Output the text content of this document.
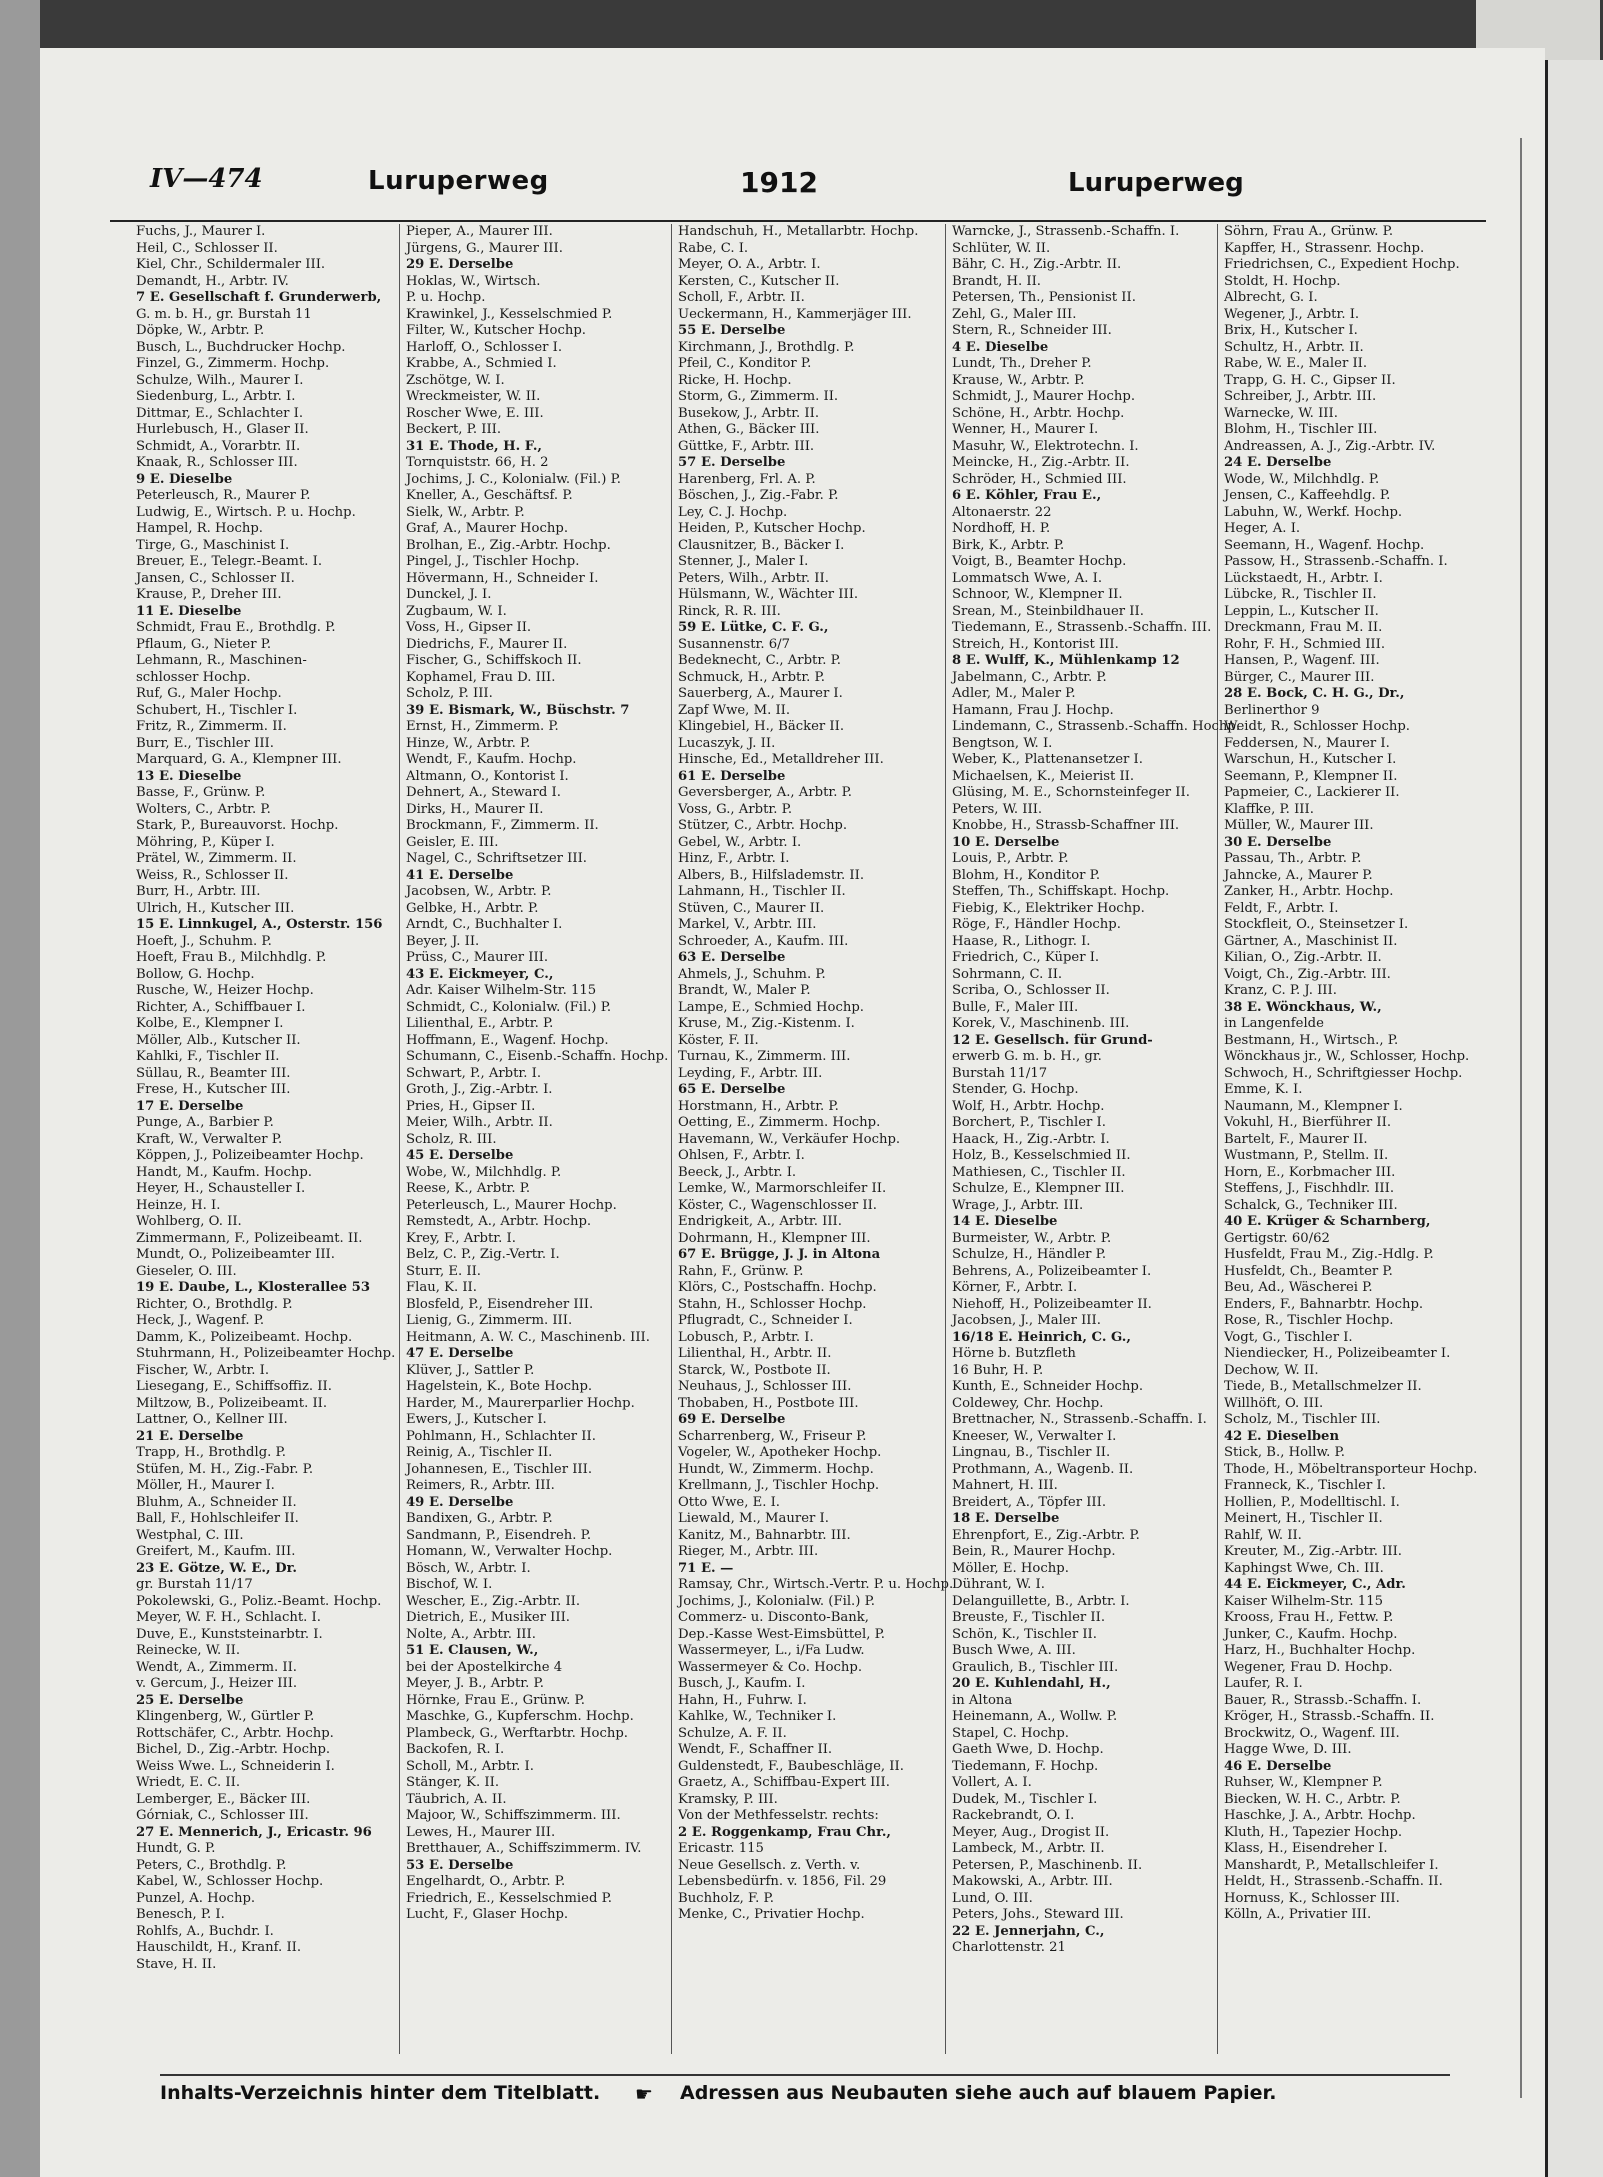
IV—474	Luruperweg	1912	Luruperweg
Fuchs, J., Maurer I.
Heil, C., Schlosser II.
Kiel, Chr., Schildermaler III.
Demandt, H., Arbtr. IV.
7 E. Gesellschaft f. Grunderwerb,
G. m. b. H., gr. Burstah 11
Döpke, W., Arbtr. P.
Busch, L., Buchdrucker Hochp.
Finzel, G., Zimmerm. Hochp.
Schulze, Wilh., Maurer I.
Siedenburg, L., Arbtr. I.
Dittmar, E., Schlachter I.
Hurlebusch, H., Glaser II.
Schmidt, A., Vorarbtr. II.
Knaak, R., Schlosser III.
9 E. Dieselbe
Peterleusch, R., Maurer P.
Ludwig, E., Wirtsch. P. u. Hochp.
Hampel, R. Hochp.
Tirge, G., Maschinist I.
Breuer, E., Telegr.-Beamt. I.
Jansen, C., Schlosser II.
Krause, P., Dreher III.
11 E. Dieselbe
Schmidt, Frau E., Brothdlg. P.
Pflaum, G., Nieter P.
Lehmann, R., Maschinen-
schlosser Hochp.
Ruf, G., Maler Hochp.
Schubert, H., Tischler I.
Fritz, R., Zimmerm. II.
Burr, E., Tischler III.
Marquard, G. A., Klempner III.
13 E. Dieselbe
Basse, F., Grünw. P.
Wolters, C., Arbtr. P.
Stark, P., Bureauvorst. Hochp.
Möhring, P., Küper I.
Prätel, W., Zimmerm. II.
Weiss, R., Schlosser II.
Burr, H., Arbtr. III.
Ulrich, H., Kutscher III.
15 E. Linnkugel, A., Osterstr. 156
Hoeft, J., Schuhm. P.
Hoeft, Frau B., Milchhdlg. P.
Bollow, G. Hochp.
Rusche, W., Heizer Hochp.
Richter, A., Schiffbauer I.
Kolbe, E., Klempner I.
Möller, Alb., Kutscher II.
Kahlki, F., Tischler II.
Süllau, R., Beamter III.
Frese, H., Kutscher III.
17 E. Derselbe
Punge, A., Barbier P.
Kraft, W., Verwalter P.
Köppen, J., Polizeibeamter Hochp.
Handt, M., Kaufm. Hochp.
Heyer, H., Schausteller I.
Heinze, H. I.
Wohlberg, O. II.
Zimmermann, F., Polizeibeamt. II.
Mundt, O., Polizeibeamter III.
Gieseler, O. III.
19 E. Daube, L., Klosterallee 53
Richter, O., Brothdlg. P.
Heck, J., Wagenf. P.
Damm, K., Polizeibeamt. Hochp.
Stuhrmann, H., Polizeibeamter Hochp.
Fischer, W., Arbtr. I.
Liesegang, E., Schiffsoffiz. II.
Miltzow, B., Polizeibeamt. II.
Lattner, O., Kellner III.
21 E. Derselbe
Trapp, H., Brothdlg. P.
Stüfen, M. H., Zig.-Fabr. P.
Möller, H., Maurer I.
Bluhm, A., Schneider II.
Ball, F., Hohlschleifer II.
Westphal, C. III.
Greifert, M., Kaufm. III.
23 E. Götze, W. E., Dr.
gr. Burstah 11/17
Pokolewski, G., Poliz.-Beamt. Hochp.
Meyer, W. F. H., Schlacht. I.
Duve, E., Kunststeinarbtr. I.
Reinecke, W. II.
Wendt, A., Zimmerm. II.
v. Gercum, J., Heizer III.
25 E. Derselbe
Klingenberg, W., Gürtler P.
Rottschäfer, C., Arbtr. Hochp.
Bichel, D., Zig.-Arbtr. Hochp.
Weiss Wwe. L., Schneiderin I.
Wriedt, E. C. II.
Lemberger, E., Bäcker III.
Górniak, C., Schlosser III.
27 E. Mennerich, J., Ericastr. 96
Hundt, G. P.
Peters, C., Brothdlg. P.
Kabel, W., Schlosser Hochp.
Punzel, A. Hochp.
Benesch, P. I.
Rohlfs, A., Buchdr. I.
Hauschildt, H., Kranf. II.
Stave, H. II.
Pieper, A., Maurer III.
Jürgens, G., Maurer III.
29 E. Derselbe
Hoklas, W., Wirtsch.
P. u. Hochp.
Krawinkel, J., Kesselschmied P.
Filter, W., Kutscher Hochp.
Harloff, O., Schlosser I.
Krabbe, A., Schmied I.
Zschötge, W. I.
Wreckmeister, W. II.
Roscher Wwe, E. III.
Beckert, P. III.
31 E. Thode, H. F.,
Tornquiststr. 66, H. 2
Jochims, J. C., Kolonialw. (Fil.) P.
Kneller, A., Geschäftsf. P.
Sielk, W., Arbtr. P.
Graf, A., Maurer Hochp.
Brolhan, E., Zig.-Arbtr. Hochp.
Pingel, J., Tischler Hochp.
Hövermann, H., Schneider I.
Dunckel, J. I.
Zugbaum, W. I.
Voss, H., Gipser II.
Diedrichs, F., Maurer II.
Fischer, G., Schiffskoch II.
Kophamel, Frau D. III.
Scholz, P. III.
39 E. Bismark, W., Büschstr. 7
Ernst, H., Zimmerm. P.
Hinze, W., Arbtr. P.
Wendt, F., Kaufm. Hochp.
Altmann, O., Kontorist I.
Dehnert, A., Steward I.
Dirks, H., Maurer II.
Brockmann, F., Zimmerm. II.
Geisler, E. III.
Nagel, C., Schriftsetzer III.
41 E. Derselbe
Jacobsen, W., Arbtr. P.
Gelbke, H., Arbtr. P.
Arndt, C., Buchhalter I.
Beyer, J. II.
Prüss, C., Maurer III.
43 E. Eickmeyer, C.,
Adr. Kaiser Wilhelm-Str. 115
Schmidt, C., Kolonialw. (Fil.) P.
Lilienthal, E., Arbtr. P.
Hoffmann, E., Wagenf. Hochp.
Schumann, C., Eisenb.-Schaffn. Hochp.
Schwart, P., Arbtr. I.
Groth, J., Zig.-Arbtr. I.
Pries, H., Gipser II.
Meier, Wilh., Arbtr. II.
Scholz, R. III.
45 E. Derselbe
Wobe, W., Milchhdlg. P.
Reese, K., Arbtr. P.
Peterleusch, L., Maurer Hochp.
Remstedt, A., Arbtr. Hochp.
Krey, F., Arbtr. I.
Belz, C. P., Zig.-Vertr. I.
Sturr, E. II.
Flau, K. II.
Blosfeld, P., Eisendreher III.
Lienig, G., Zimmerm. III.
Heitmann, A. W. C., Maschinenb. III.
47 E. Derselbe
Klüver, J., Sattler P.
Hagelstein, K., Bote Hochp.
Harder, M., Maurerparlier Hochp.
Ewers, J., Kutscher I.
Pohlmann, H., Schlachter II.
Reinig, A., Tischler II.
Johannesen, E., Tischler III.
Reimers, R., Arbtr. III.
49 E. Derselbe
Bandixen, G., Arbtr. P.
Sandmann, P., Eisendreh. P.
Homann, W., Verwalter Hochp.
Bösch, W., Arbtr. I.
Bischof, W. I.
Wescher, E., Zig.-Arbtr. II.
Dietrich, E., Musiker III.
Nolte, A., Arbtr. III.
51 E. Clausen, W.,
bei der Apostelkirche 4
Meyer, J. B., Arbtr. P.
Hörnke, Frau E., Grünw. P.
Maschke, G., Kupferschm. Hochp.
Plambeck, G., Werftarbtr. Hochp.
Backofen, R. I.
Scholl, M., Arbtr. I.
Stänger, K. II.
Täubrich, A. II.
Majoor, W., Schiffszimmerm. III.
Lewes, H., Maurer III.
Bretthauer, A., Schiffszimmerm. IV.
53 E. Derselbe
Engelhardt, O., Arbtr. P.
Friedrich, E., Kesselschmied P.
Lucht, F., Glaser Hochp.
Handschuh, H., Metallarbtr. Hochp.
Rabe, C. I.
Meyer, O. A., Arbtr. I.
Kersten, C., Kutscher II.
Scholl, F., Arbtr. II.
Ueckermann, H., Kammerjäger III.
55 E. Derselbe
Kirchmann, J., Brothdlg. P.
Pfeil, C., Konditor P.
Ricke, H. Hochp.
Storm, G., Zimmerm. II.
Busekow, J., Arbtr. II.
Athen, G., Bäcker III.
Güttke, F., Arbtr. III.
57 E. Derselbe
Harenberg, Frl. A. P.
Böschen, J., Zig.-Fabr. P.
Ley, C. J. Hochp.
Heiden, P., Kutscher Hochp.
Clausnitzer, B., Bäcker I.
Stenner, J., Maler I.
Peters, Wilh., Arbtr. II.
Hülsmann, W., Wächter III.
Rinck, R. R. III.
59 E. Lütke, C. F. G.,
Susannenstr. 6/7
Bedeknecht, C., Arbtr. P.
Schmuck, H., Arbtr. P.
Sauerberg, A., Maurer I.
Zapf Wwe, M. II.
Klingebiel, H., Bäcker II.
Lucaszyk, J. II.
Hinsche, Ed., Metalldreher III.
61 E. Derselbe
Geversberger, A., Arbtr. P.
Voss, G., Arbtr. P.
Stützer, C., Arbtr. Hochp.
Gebel, W., Arbtr. I.
Hinz, F., Arbtr. I.
Albers, B., Hilfslademstr. II.
Lahmann, H., Tischler II.
Stüven, C., Maurer II.
Markel, V., Arbtr. III.
Schroeder, A., Kaufm. III.
63 E. Derselbe
Ahmels, J., Schuhm. P.
Brandt, W., Maler P.
Lampe, E., Schmied Hochp.
Kruse, M., Zig.-Kistenm. I.
Köster, F. II.
Turnau, K., Zimmerm. III.
Leyding, F., Arbtr. III.
65 E. Derselbe
Horstmann, H., Arbtr. P.
Oetting, E., Zimmerm. Hochp.
Havemann, W., Verkäufer Hochp.
Ohlsen, F., Arbtr. I.
Beeck, J., Arbtr. I.
Lemke, W., Marmorschleifer II.
Köster, C., Wagenschlosser II.
Endrigkeit, A., Arbtr. III.
Dohrmann, H., Klempner III.
67 E. Brügge, J. J. in Altona
Rahn, F., Grünw. P.
Klörs, C., Postschaffn. Hochp.
Stahn, H., Schlosser Hochp.
Pflugradt, C., Schneider I.
Lobusch, P., Arbtr. I.
Lilienthal, H., Arbtr. II.
Starck, W., Postbote II.
Neuhaus, J., Schlosser III.
Thobaben, H., Postbote III.
69 E. Derselbe
Scharrenberg, W., Friseur P.
Vogeler, W., Apotheker Hochp.
Hundt, W., Zimmerm. Hochp.
Krellmann, J., Tischler Hochp.
Otto Wwe, E. I.
Liewald, M., Maurer I.
Kanitz, M., Bahnarbtr. III.
Rieger, M., Arbtr. III.
71 E. —
Ramsay, Chr., Wirtsch.-Vertr. P. u. Hochp.
Jochims, J., Kolonialw. (Fil.) P.
Commerz- u. Disconto-Bank,
Dep.-Kasse West-Eimsbüttel, P.
Wassermeyer, L., i/Fa Ludw.
Wassermeyer & Co. Hochp.
Busch, J., Kaufm. I.
Hahn, H., Fuhrw. I.
Kahlke, W., Techniker I.
Schulze, A. F. II.
Wendt, F., Schaffner II.
Guldenstedt, F., Baubeschläge, II.
Graetz, A., Schiffbau-Expert III.
Kramsky, P. III.
Von der Methfesselstr. rechts:
2 E. Roggenkamp, Frau Chr.,
Ericastr. 115
Neue Gesellsch. z. Verth. v.
Lebensbedürfn. v. 1856, Fil. 29
Buchholz, F. P.
Menke, C., Privatier Hochp.
Warncke, J., Strassenb.-Schaffn. I.
Schlüter, W. II.
Bähr, C. H., Zig.-Arbtr. II.
Brandt, H. II.
Petersen, Th., Pensionist II.
Zehl, G., Maler III.
Stern, R., Schneider III.
4 E. Dieselbe
Lundt, Th., Dreher P.
Krause, W., Arbtr. P.
Schmidt, J., Maurer Hochp.
Schöne, H., Arbtr. Hochp.
Wenner, H., Maurer I.
Masuhr, W., Elektrotechn. I.
Meincke, H., Zig.-Arbtr. II.
Schröder, H., Schmied III.
6 E. Köhler, Frau E.,
Altonaerstr. 22
Nordhoff, H. P.
Birk, K., Arbtr. P.
Voigt, B., Beamter Hochp.
Lommatsch Wwe, A. I.
Schnoor, W., Klempner II.
Srean, M., Steinbildhauer II.
Tiedemann, E., Strassenb.-Schaffn. III.
Streich, H., Kontorist III.
8 E. Wulff, K., Mühlenkamp 12
Jabelmann, C., Arbtr. P.
Adler, M., Maler P.
Hamann, Frau J. Hochp.
Lindemann, C., Strassenb.-Schaffn. Hochp.
Bengtson, W. I.
Weber, K., Plattenansetzer I.
Michaelsen, K., Meierist II.
Glüsing, M. E., Schornsteinfeger II.
Peters, W. III.
Knobbe, H., Strassb-Schaffner III.
10 E. Derselbe
Louis, P., Arbtr. P.
Blohm, H., Konditor P.
Steffen, Th., Schiffskapt. Hochp.
Fiebig, K., Elektriker Hochp.
Röge, F., Händler Hochp.
Haase, R., Lithogr. I.
Friedrich, C., Küper I.
Sohrmann, C. II.
Scriba, O., Schlosser II.
Bulle, F., Maler III.
Korek, V., Maschinenb. III.
12 E. Gesellsch. für Grund-
erwerb G. m. b. H., gr.
Burstah 11/17
Stender, G. Hochp.
Wolf, H., Arbtr. Hochp.
Borchert, P., Tischler I.
Haack, H., Zig.-Arbtr. I.
Holz, B., Kesselschmied II.
Mathiesen, C., Tischler II.
Schulze, E., Klempner III.
Wrage, J., Arbtr. III.
14 E. Dieselbe
Burmeister, W., Arbtr. P.
Schulze, H., Händler P.
Behrens, A., Polizeibeamter I.
Körner, F., Arbtr. I.
Niehoff, H., Polizeibeamter II.
Jacobsen, J., Maler III.
16/18 E. Heinrich, C. G.,
Hörne b. Butzfleth
16 Buhr, H. P.
Kunth, E., Schneider Hochp.
Coldewey, Chr. Hochp.
Brettnacher, N., Strassenb.-Schaffn. I.
Kneeser, W., Verwalter I.
Lingnau, B., Tischler II.
Prothmann, A., Wagenb. II.
Mahnert, H. III.
Breidert, A., Töpfer III.
18 E. Derselbe
Ehrenpfort, E., Zig.-Arbtr. P.
Bein, R., Maurer Hochp.
Möller, E. Hochp.
Dührant, W. I.
Delanguillette, B., Arbtr. I.
Breuste, F., Tischler II.
Schön, K., Tischler II.
Busch Wwe, A. III.
Graulich, B., Tischler III.
20 E. Kuhlendahl, H.,
in Altona
Heinemann, A., Wollw. P.
Stapel, C. Hochp.
Gaeth Wwe, D. Hochp.
Tiedemann, F. Hochp.
Vollert, A. I.
Dudek, M., Tischler I.
Rackebrandt, O. I.
Meyer, Aug., Drogist II.
Lambeck, M., Arbtr. II.
Petersen, P., Maschinenb. II.
Makowski, A., Arbtr. III.
Lund, O. III.
Peters, Johs., Steward III.
22 E. Jennerjahn, C.,
Charlottenstr. 21
Söhrn, Frau A., Grünw. P.
Kapffer, H., Strassenr. Hochp.
Friedrichsen, C., Expedient Hochp.
Stoldt, H. Hochp.
Albrecht, G. I.
Wegener, J., Arbtr. I.
Brix, H., Kutscher I.
Schultz, H., Arbtr. II.
Rabe, W. E., Maler II.
Trapp, G. H. C., Gipser II.
Schreiber, J., Arbtr. III.
Warnecke, W. III.
Blohm, H., Tischler III.
Andreassen, A. J., Zig.-Arbtr. IV.
24 E. Derselbe
Wode, W., Milchhdlg. P.
Jensen, C., Kaffeehdlg. P.
Labuhn, W., Werkf. Hochp.
Heger, A. I.
Seemann, H., Wagenf. Hochp.
Passow, H., Strassenb.-Schaffn. I.
Lückstaedt, H., Arbtr. I.
Lübcke, R., Tischler II.
Leppin, L., Kutscher II.
Dreckmann, Frau M. II.
Rohr, F. H., Schmied III.
Hansen, P., Wagenf. III.
Bürger, C., Maurer III.
28 E. Bock, C. H. G., Dr.,
Berlinerthor 9
Weidt, R., Schlosser Hochp.
Feddersen, N., Maurer I.
Warschun, H., Kutscher I.
Seemann, P., Klempner II.
Papmeier, C., Lackierer II.
Klaffke, P. III.
Müller, W., Maurer III.
30 E. Derselbe
Passau, Th., Arbtr. P.
Jahncke, A., Maurer P.
Zanker, H., Arbtr. Hochp.
Feldt, F., Arbtr. I.
Stockfleit, O., Steinsetzer I.
Gärtner, A., Maschinist II.
Kilian, O., Zig.-Arbtr. II.
Voigt, Ch., Zig.-Arbtr. III.
Kranz, C. P. J. III.
38 E. Wönckhaus, W.,
in Langenfelde
Bestmann, H., Wirtsch., P.
Wönckhaus jr., W., Schlosser, Hochp.
Schwoch, H., Schriftgiesser Hochp.
Emme, K. I.
Naumann, M., Klempner I.
Vokuhl, H., Bierführer II.
Bartelt, F., Maurer II.
Wustmann, P., Stellm. II.
Horn, E., Korbmacher III.
Steffens, J., Fischhdlr. III.
Schalck, G., Techniker III.
40 E. Krüger & Scharnberg,
Gertigstr. 60/62
Husfeldt, Frau M., Zig.-Hdlg. P.
Husfeldt, Ch., Beamter P.
Beu, Ad., Wäscherei P.
Enders, F., Bahnarbtr. Hochp.
Rose, R., Tischler Hochp.
Vogt, G., Tischler I.
Niendiecker, H., Polizeibeamter I.
Dechow, W. II.
Tiede, B., Metallschmelzer II.
Willhöft, O. III.
Scholz, M., Tischler III.
42 E. Dieselben
Stick, B., Hollw. P.
Thode, H., Möbeltransporteur Hochp.
Franneck, K., Tischler I.
Hollien, P., Modelltischl. I.
Meinert, H., Tischler II.
Rahlf, W. II.
Kreuter, M., Zig.-Arbtr. III.
Kaphingst Wwe, Ch. III.
44 E. Eickmeyer, C., Adr.
Kaiser Wilhelm-Str. 115
Krooss, Frau H., Fettw. P.
Junker, C., Kaufm. Hochp.
Harz, H., Buchhalter Hochp.
Wegener, Frau D. Hochp.
Laufer, R. I.
Bauer, R., Strassb.-Schaffn. I.
Kröger, H., Strassb.-Schaffn. II.
Brockwitz, O., Wagenf. III.
Hagge Wwe, D. III.
46 E. Derselbe
Ruhser, W., Klempner P.
Biecken, W. H. C., Arbtr. P.
Haschke, J. A., Arbtr. Hochp.
Kluth, H., Tapezier Hochp.
Klass, H., Eisendreher I.
Manshardt, P., Metallschleifer I.
Heldt, H., Strassenb.-Schaffn. II.
Hornuss, K., Schlosser III.
Kölln, A., Privatier III.
Inhalts-Verzeichnis hinter dem Titelblatt. ☛ Adressen aus Neubauten siehe auch auf blauem Papier.
